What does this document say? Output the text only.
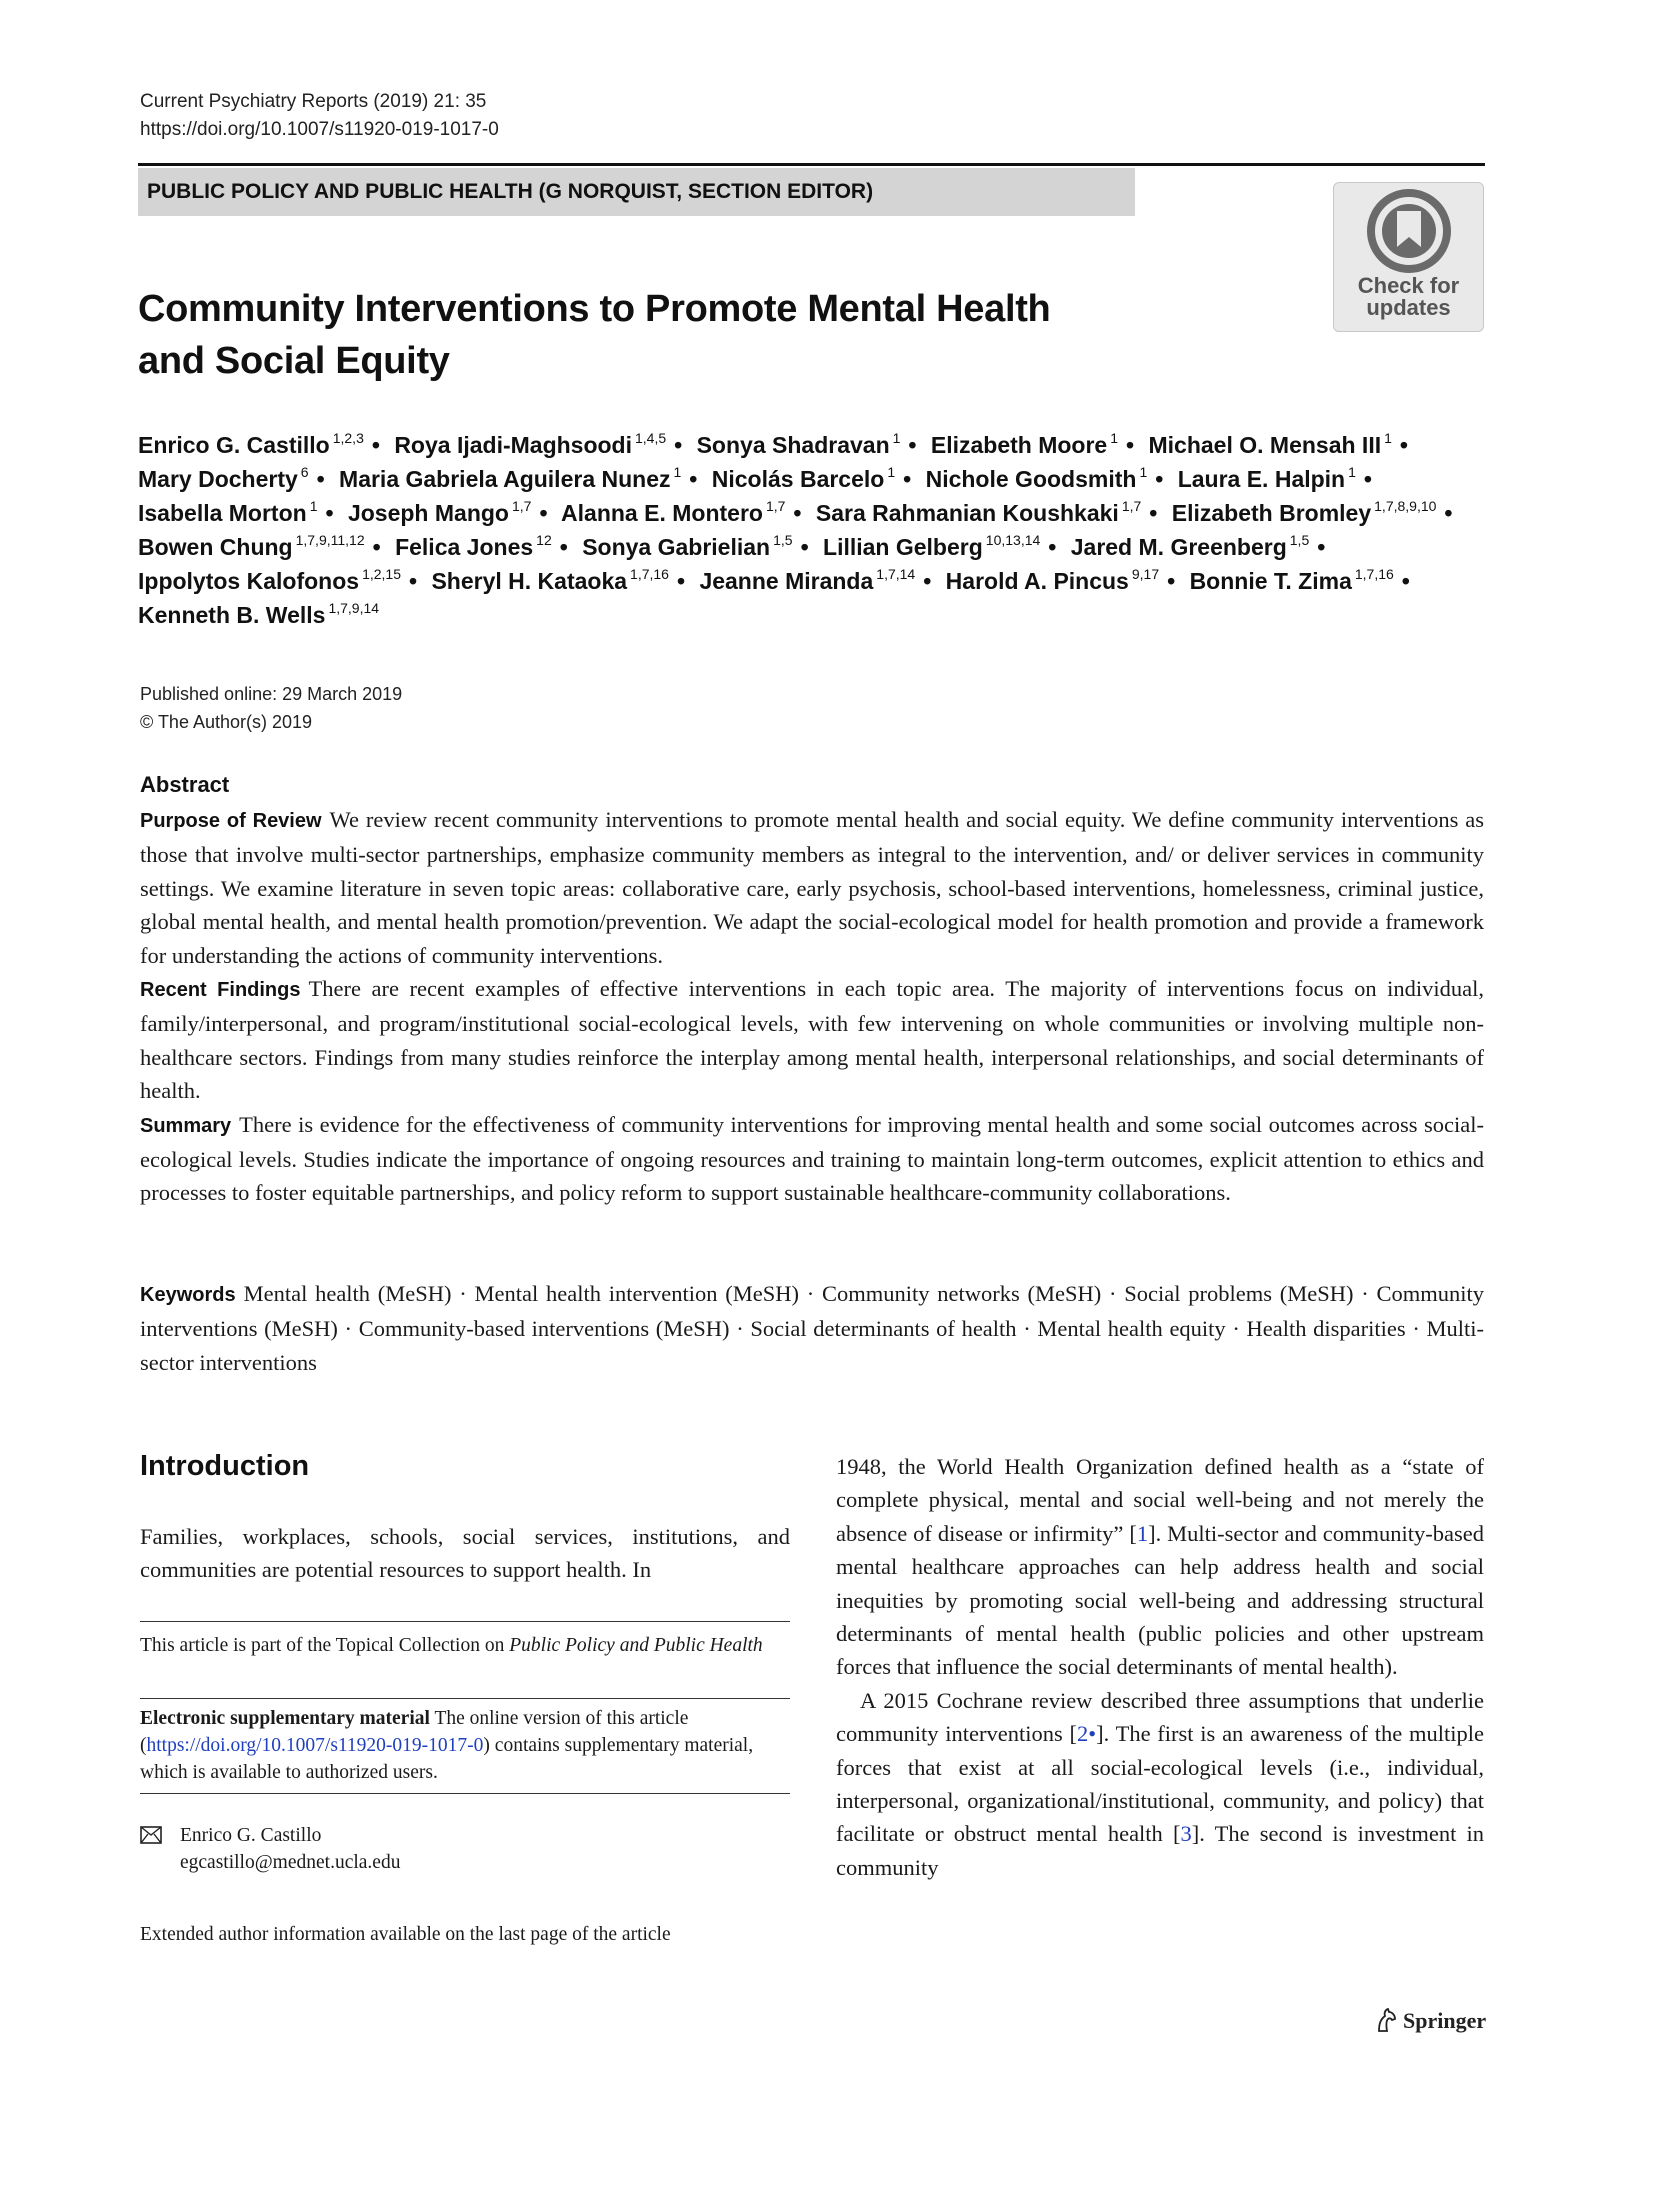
Current Psychiatry Reports (2019) 21: 35
https://doi.org/10.1007/s11920-019-1017-0
PUBLIC POLICY AND PUBLIC HEALTH (G NORQUIST, SECTION EDITOR)
Check for
updates
Community Interventions to Promote Mental Health
and Social Equity
Enrico G. Castillo $^{1,2,3}$ • Roya Ijadi-Maghsoodi $^{1,4,5}$ • Sonya Shadravan $^1$ • Elizabeth Moore $^1$ • Michael O. Mensah III $^1$ • Mary Docherty $^6$ • Maria Gabriela Aguilera Nunez $^1$ • Nicolás Barcelo $^1$ • Nichole Goodsmith $^1$ • Laura E. Halpin $^1$ • Isabella Morton $^1$ • Joseph Mango $^{1,7}$ • Alanna E. Montero $^{1,7}$ • Sara Rahmanian Koushkaki $^{1,7}$ • Elizabeth Bromley $^{1,7,8,9,10}$ • Bowen Chung $^{1,7,9,11,12}$ • Felica Jones $^{12}$ • Sonya Gabrielian $^{1,5}$ • Lillian Gelberg $^{10,13,14}$ • Jared M. Greenberg $^{1,5}$ • Ippolytos Kalofonos $^{1,2,15}$ • Sheryl H. Kataoka $^{1,7,16}$ • Jeanne Miranda $^{1,7,14}$ • Harold A. Pincus $^{9,17}$ • Bonnie T. Zima $^{1,7,16}$ • Kenneth B. Wells $^{1,7,9,14}$
Published online: 29 March 2019
© The Author(s) 2019
Abstract

Purpose of Review We review recent community interventions to promote mental health and social equity. We define community interventions as those that involve multi-sector partnerships, emphasize community members as integral to the intervention, and/ or deliver services in community settings. We examine literature in seven topic areas: collaborative care, early psychosis, school-based interventions, homelessness, criminal justice, global mental health, and mental health promotion/prevention. We adapt the social-ecological model for health promotion and provide a framework for understanding the actions of community interventions.

Recent Findings There are recent examples of effective interventions in each topic area. The majority of interventions focus on individual, family/interpersonal, and program/institutional social-ecological levels, with few intervening on whole communities or involving multiple non-healthcare sectors. Findings from many studies reinforce the interplay among mental health, interpersonal relationships, and social determinants of health.

Summary There is evidence for the effectiveness of community interventions for improving mental health and some social outcomes across social-ecological levels. Studies indicate the importance of ongoing resources and training to maintain long-term outcomes, explicit attention to ethics and processes to foster equitable partnerships, and policy reform to support sustainable healthcare-community collaborations.

Keywords Mental health (MeSH) · Mental health intervention (MeSH) · Community networks (MeSH) · Social problems (MeSH) · Community interventions (MeSH) · Community-based interventions (MeSH) · Social determinants of health · Mental health equity · Health disparities · Multi-sector interventions
Introduction
Families, workplaces, schools, social services, institutions, and communities are potential resources to support health. In
This article is part of the Topical Collection on Public Policy and Public Health
Electronic supplementary material The online version of this article (https://doi.org/10.1007/s11920-019-1017-0) contains supplementary material, which is available to authorized users.
Enrico G. Castillo
egcastillo@mednet.ucla.edu
Extended author information available on the last page of the article

1948, the World Health Organization defined health as a “state of complete physical, mental and social well-being and not merely the absence of disease or infirmity” [1]. Multi-sector and community-based mental healthcare approaches can help address health and social inequities by promoting social well-being and addressing structural determinants of mental health (public policies and other upstream forces that influence the social determinants of mental health).

A 2015 Cochrane review described three assumptions that underlie community interventions [2•]. The first is an awareness of the multiple forces that exist at all social-ecological levels (i.e., individual, interpersonal, organizational/institutional, community, and policy) that facilitate or obstruct mental health [3]. The second is investment in community

Springer
